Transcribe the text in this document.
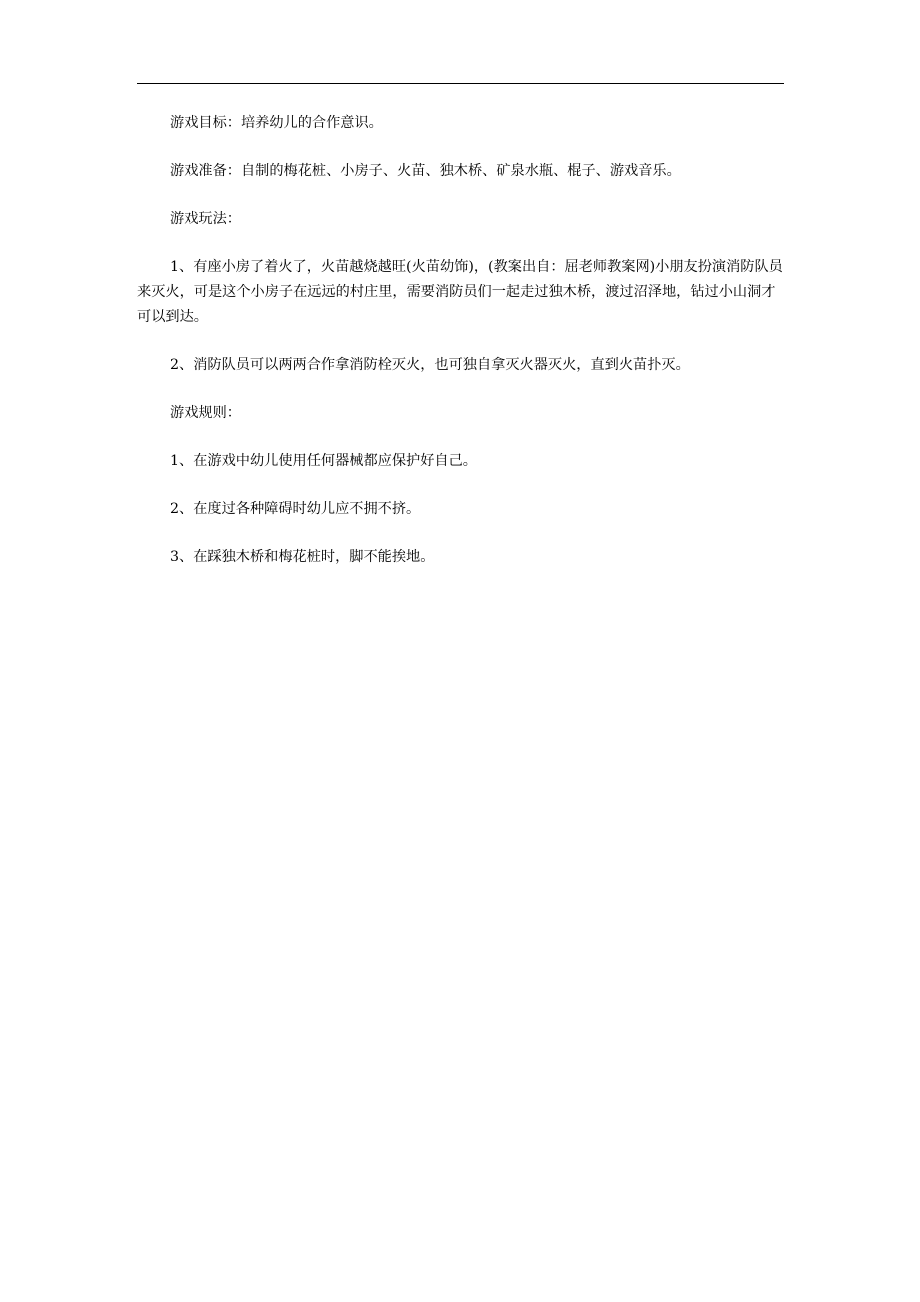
游戏目标：培养幼儿的合作意识。

游戏准备：自制的梅花桩、小房子、火苗、独木桥、矿泉水瓶、棍子、游戏音乐。

游戏玩法：

1、有座小房了着火了，火苗越烧越旺(火苗幼饰)，(教案出自：屈老师教案网)小朋友扮演消防队员来灭火，可是这个小房子在远远的村庄里，需要消防员们一起走过独木桥，渡过沼泽地，钻过小山洞才可以到达。

2、消防队员可以两两合作拿消防栓灭火，也可独自拿灭火器灭火，直到火苗扑灭。

游戏规则：

1、在游戏中幼儿使用任何器械都应保护好自己。

2、在度过各种障碍时幼儿应不拥不挤。

3、在踩独木桥和梅花桩时，脚不能挨地。
